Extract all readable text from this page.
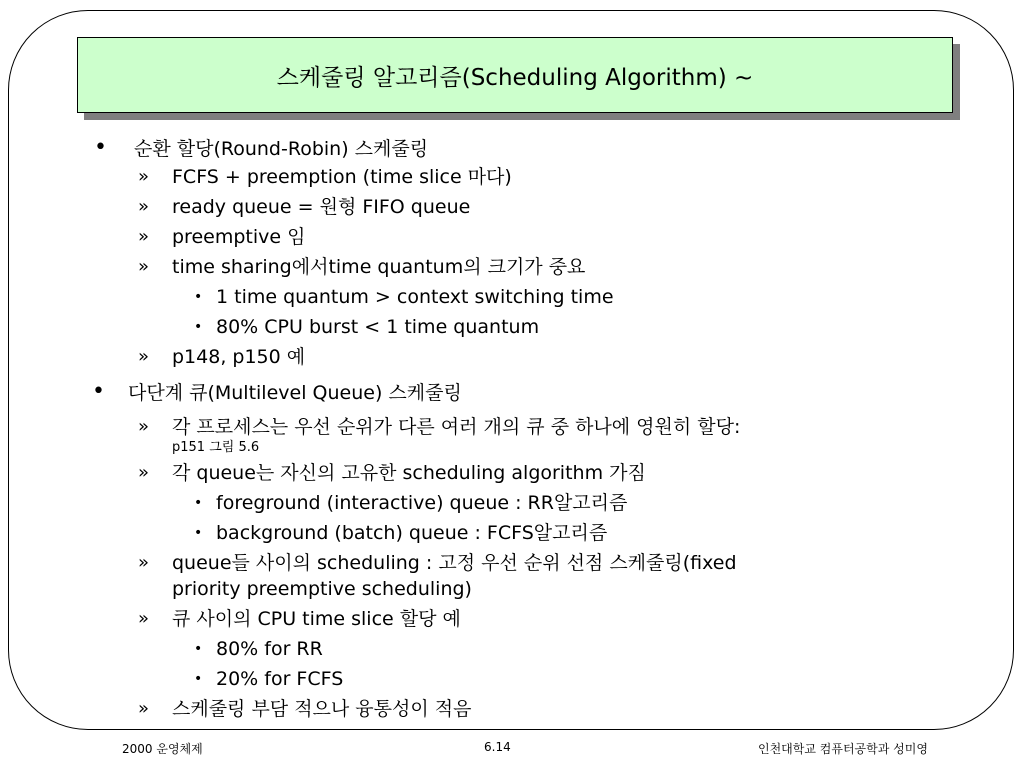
스케줄링 알고리즘(Scheduling Algorithm) ~
• 순환 할당(Round-Robin) 스케줄링
» FCFS + preemption (time slice 마다)
» ready queue = 원형 FIFO queue
» preemptive 임
» time sharing에서time quantum의 크기가 중요
• 1 time quantum > context switching time
• 80% CPU burst < 1 time quantum
» p148, p150 예
• 다단계 큐(Multilevel Queue) 스케줄링
» 각 프로세스는 우선 순위가 다른 여러 개의 큐 중 하나에 영원히 할당:
p151 그림 5.6
» 각 queue는 자신의 고유한 scheduling algorithm 가짐
• foreground (interactive) queue : RR알고리즘
• background (batch) queue : FCFS알고리즘
» queue들 사이의 scheduling : 고정 우선 순위 선점 스케줄링(fixed
priority preemptive scheduling)
» 큐 사이의 CPU time slice 할당 예
• 80% for RR
• 20% for FCFS
» 스케줄링 부담 적으나 융통성이 적음
2000 운영체제	6.14	인천대학교 컴퓨터공학과 성미영
